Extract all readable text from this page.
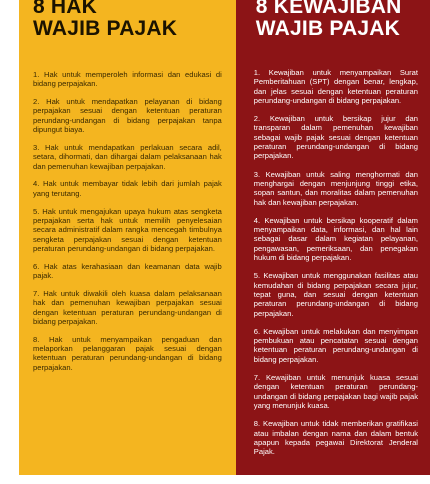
8 HAK
WAJIB PAJAK
1. Hak untuk memperoleh informasi dan edukasi di bidang perpajakan.
2. Hak untuk mendapatkan pelayanan di bidang perpajakan sesuai dengan ketentuan peraturan perundang-undangan di bidang perpajakan tanpa dipungut biaya.
3. Hak untuk mendapatkan perlakuan secara adil, setara, dihormati, dan dihargai dalam pelaksanaan hak dan pemenuhan kewajiban perpajakan.
4. Hak untuk membayar tidak lebih dari jumlah pajak yang terutang.
5. Hak untuk mengajukan upaya hukum atas sengketa perpajakan serta hak untuk memilih penyelesaian secara administratif dalam rangka mencegah timbulnya sengketa perpajakan sesuai dengan ketentuan peraturan perundang-undangan di bidang perpajakan.
6. Hak atas kerahasiaan dan keamanan data wajib pajak.
7. Hak untuk diwakili oleh kuasa dalam pelaksanaan hak dan pemenuhan kewajiban perpajakan sesuai dengan ketentuan peraturan perundang-undangan di bidang perpajakan.
8. Hak untuk menyampaikan pengaduan dan melaporkan pelanggaran pajak sesuai dengan ketentuan peraturan perundang-undangan di bidang perpajakan.
8 KEWAJIBAN
WAJIB PAJAK
1. Kewajiban untuk menyampaikan Surat Pemberitahuan (SPT) dengan benar, lengkap, dan jelas sesuai dengan ketentuan peraturan perundang-undangan di bidang perpajakan.
2. Kewajiban untuk bersikap jujur dan transparan dalam pemenuhan kewajiban sebagai wajib pajak sesuai dengan ketentuan peraturan perundang-undangan di bidang perpajakan.
3. Kewajiban untuk saling menghormati dan menghargai dengan menjunjung tinggi etika, sopan santun, dan moralitas dalam pemenuhan hak dan kewajiban perpajakan.
4. Kewajiban untuk bersikap kooperatif dalam menyampaikan data, informasi, dan hal lain sebagai dasar dalam kegiatan pelayanan, pengawasan, pemeriksaan, dan penegakan hukum di bidang perpajakan.
5. Kewajiban untuk menggunakan fasilitas atau kemudahan di bidang perpajakan secara jujur, tepat guna, dan sesuai dengan ketentuan peraturan perundang-undangan di bidang perpajakan.
6. Kewajiban untuk melakukan dan menyimpan pembukuan atau pencatatan sesuai dengan ketentuan peraturan perundang-undangan di bidang perpajakan.
7. Kewajiban untuk menunjuk kuasa sesuai dengan ketentuan peraturan perundang-undangan di bidang perpajakan bagi wajib pajak yang menunjuk kuasa.
8. Kewajiban untuk tidak memberikan gratifikasi atau imbalan dengan nama dan dalam bentuk apapun kepada pegawai Direktorat Jenderal Pajak.
